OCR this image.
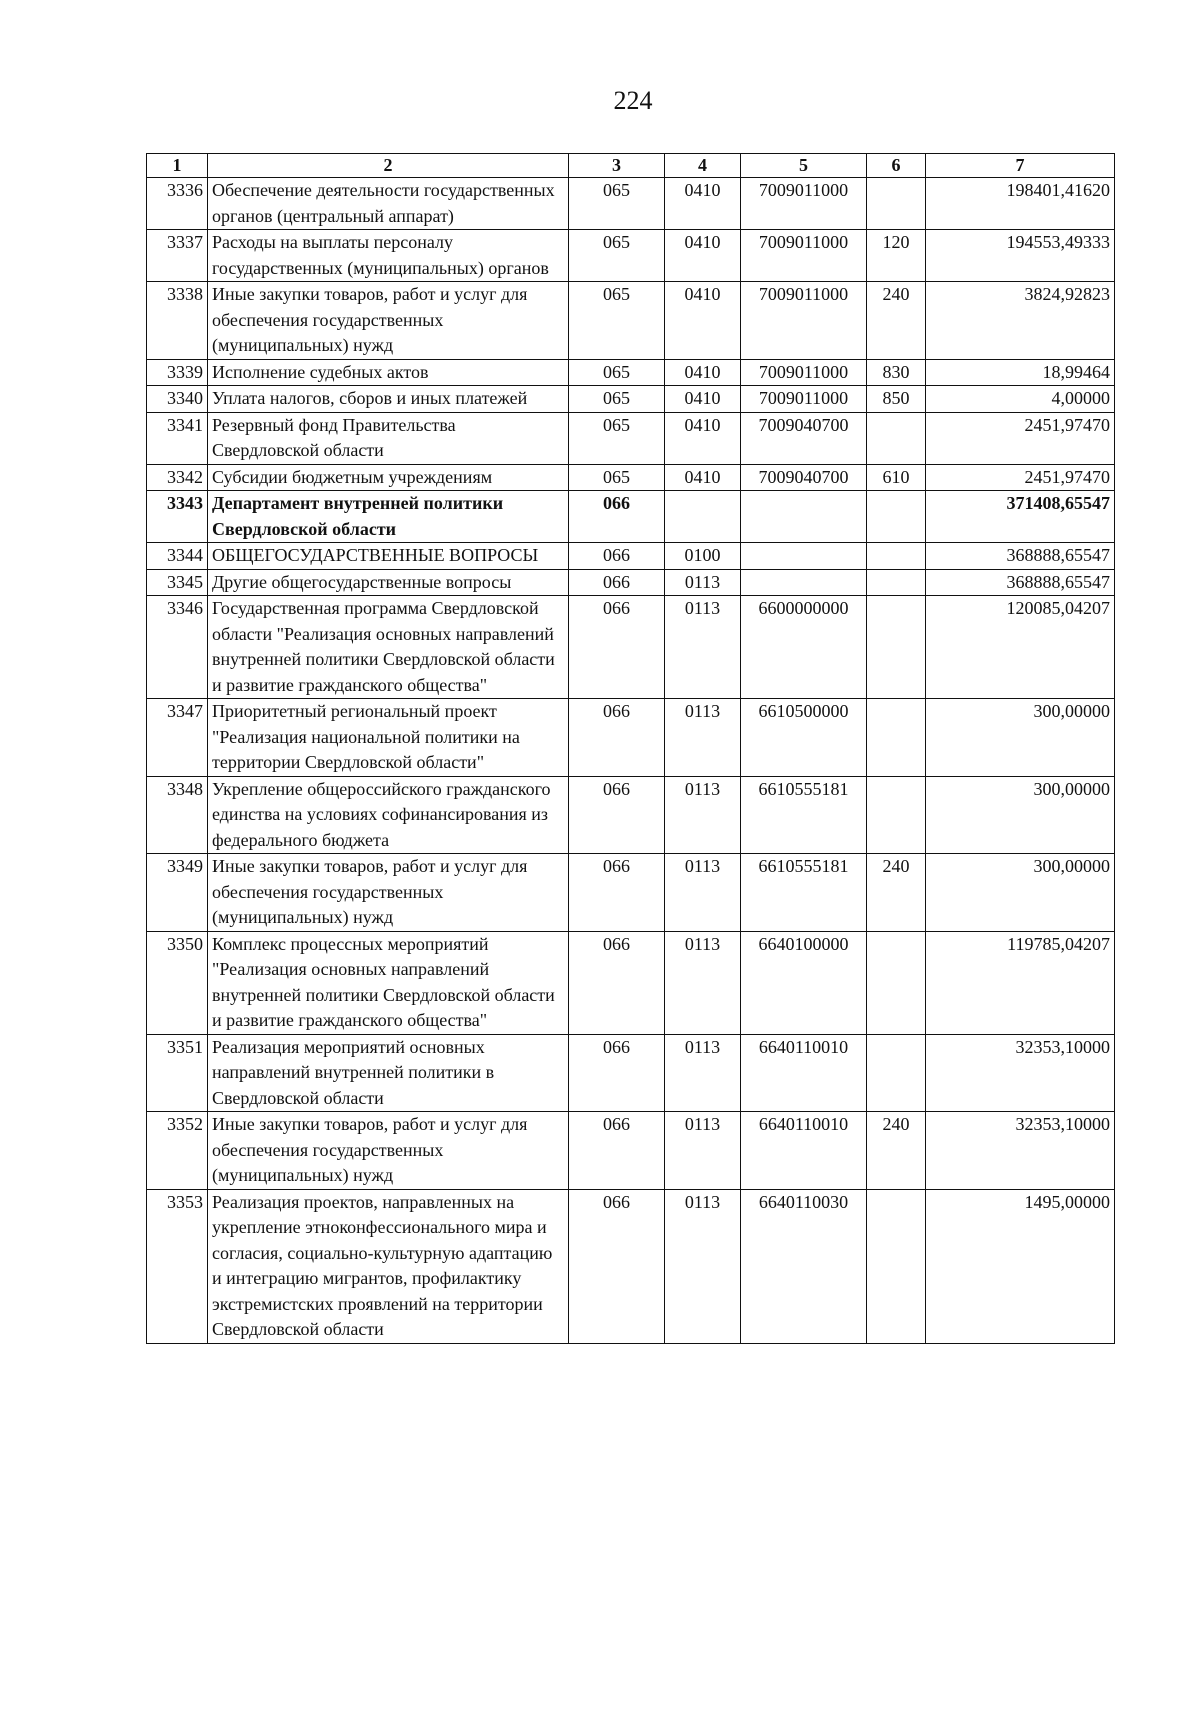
224
1	2	3	4	5	6	7
3336	Обеспечение деятельности государственных органов (центральный аппарат)	065	0410	7009011000		198401,41620
3337	Расходы на выплаты персоналу государственных (муниципальных) органов	065	0410	7009011000	120	194553,49333
3338	Иные закупки товаров, работ и услуг для обеспечения государственных (муниципальных) нужд	065	0410	7009011000	240	3824,92823
3339	Исполнение судебных актов	065	0410	7009011000	830	18,99464
3340	Уплата налогов, сборов и иных платежей	065	0410	7009011000	850	4,00000
3341	Резервный фонд Правительства Свердловской области	065	0410	7009040700		2451,97470
3342	Субсидии бюджетным учреждениям	065	0410	7009040700	610	2451,97470
3343	Департамент внутренней политики Свердловской области	066				371408,65547
3344	ОБЩЕГОСУДАРСТВЕННЫЕ ВОПРОСЫ	066	0100			368888,65547
3345	Другие общегосударственные вопросы	066	0113			368888,65547
3346	Государственная программа Свердловской области "Реализация основных направлений внутренней политики Свердловской области и развитие гражданского общества"	066	0113	6600000000		120085,04207
3347	Приоритетный региональный проект "Реализация национальной политики на территории Свердловской области"	066	0113	6610500000		300,00000
3348	Укрепление общероссийского гражданского единства на условиях софинансирования из федерального бюджета	066	0113	6610555181		300,00000
3349	Иные закупки товаров, работ и услуг для обеспечения государственных (муниципальных) нужд	066	0113	6610555181	240	300,00000
3350	Комплекс процессных мероприятий "Реализация основных направлений внутренней политики Свердловской области и развитие гражданского общества"	066	0113	6640100000		119785,04207
3351	Реализация мероприятий основных направлений внутренней политики в Свердловской области	066	0113	6640110010		32353,10000
3352	Иные закупки товаров, работ и услуг для обеспечения государственных (муниципальных) нужд	066	0113	6640110010	240	32353,10000
3353	Реализация проектов, направленных на укрепление этноконфессионального мира и согласия, социально-культурную адаптацию и интеграцию мигрантов, профилактику экстремистских проявлений на территории Свердловской области	066	0113	6640110030		1495,00000
